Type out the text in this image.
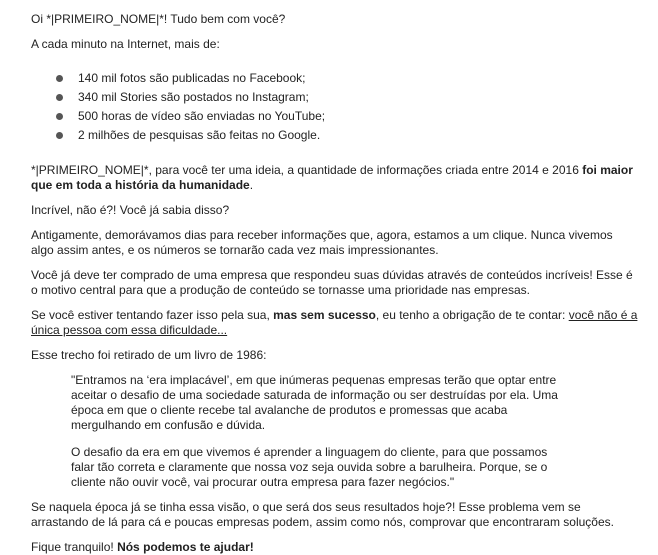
Oi *|PRIMEIRO_NOME|*! Tudo bem com você?

A cada minuto na Internet, mais de:

140 mil fotos são publicadas no Facebook;
340 mil Stories são postados no Instagram;
500 horas de vídeo são enviadas no YouTube;
2 milhões de pesquisas são feitas no Google.

*|PRIMEIRO_NOME|*, para você ter uma ideia, a quantidade de informações criada entre 2014 e 2016 foi maior que em toda a história da humanidade.

Incrível, não é?! Você já sabia disso?

Antigamente, demorávamos dias para receber informações que, agora, estamos a um clique. Nunca vivemos algo assim antes, e os números se tornarão cada vez mais impressionantes.

Você já deve ter comprado de uma empresa que respondeu suas dúvidas através de conteúdos incríveis! Esse é o motivo central para que a produção de conteúdo se tornasse uma prioridade nas empresas.

Se você estiver tentando fazer isso pela sua, mas sem sucesso, eu tenho a obrigação de te contar: você não é a única pessoa com essa dificuldade...

Esse trecho foi retirado de um livro de 1986:

"Entramos na ‘era implacável’, em que inúmeras pequenas empresas terão que optar entre aceitar o desafio de uma sociedade saturada de informação ou ser destruídas por ela. Uma época em que o cliente recebe tal avalanche de produtos e promessas que acaba mergulhando em confusão e dúvida.

O desafio da era em que vivemos é aprender a linguagem do cliente, para que possamos falar tão correta e claramente que nossa voz seja ouvida sobre a barulheira. Porque, se o cliente não ouvir você, vai procurar outra empresa para fazer negócios."

Se naquela época já se tinha essa visão, o que será dos seus resultados hoje?! Esse problema vem se arrastando de lá para cá e poucas empresas podem, assim como nós, comprovar que encontraram soluções.

Fique tranquilo! Nós podemos te ajudar!
